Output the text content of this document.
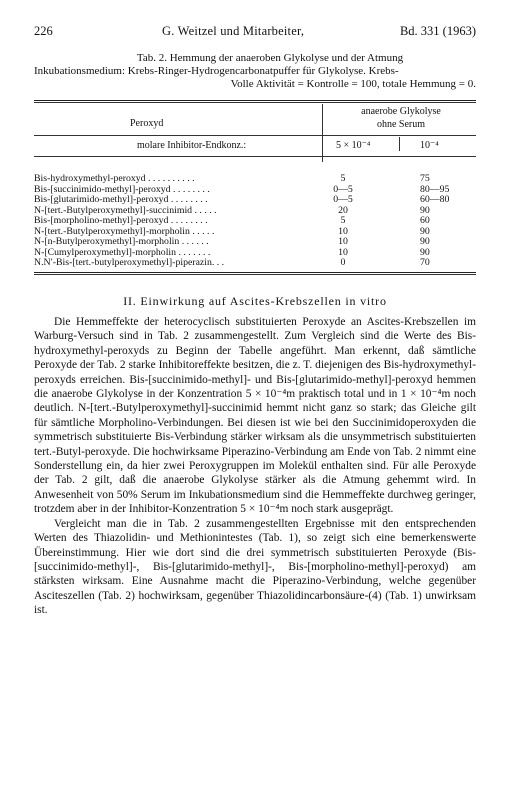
226	G. Weitzel und Mitarbeiter,	Bd. 331 (1963)
Tab. 2. Hemmung der anaeroben Glykolyse und der Atmung
Inkubationsmedium: Krebs-Ringer-Hydrogencarbonatpuffer für Glykolyse. Krebs-
Volle Aktivität = Kontrolle = 100, totale Hemmung = 0.
Peroxyd
anaerobe Glykolyse
ohne Serum
molare Inhibitor-Endkonz.:	5 × 10⁻⁴	10⁻⁴
Bis-hydroxymethyl-peroxyd . . . . . . . . . .	5	75
Bis-[succinimido-methyl]-peroxyd . . . . . . . .	0—5	80—95
Bis-[glutarimido-methyl]-peroxyd . . . . . . . .	0—5	60—80
N-[tert.-Butylperoxymethyl]-succinimid . . . . .	20	90
Bis-[morpholino-methyl]-peroxyd . . . . . . . .	5	60
N-[tert.-Butylperoxymethyl]-morpholin . . . . .	10	90
N-[n-Butylperoxymethyl]-morpholin . . . . . .	10	90
N-[Cumylperoxymethyl]-morpholin . . . . . . .	10	90
N.N′-Bis-[tert.-butylperoxymethyl]-piperazin. . .	0	70
II. Einwirkung auf Ascites-Krebszellen in vitro

Die Hemmeffekte der heterocyclisch substituierten Peroxyde an Ascites-Krebszellen im Warburg-Versuch sind in Tab. 2 zusammengestellt. Zum Vergleich sind die Werte des Bis-hydroxymethyl-peroxyds zu Beginn der Tabelle angeführt. Man erkennt, daß sämtliche Peroxyde der Tab. 2 starke Inhibitoreffekte besitzen, die z. T. diejenigen des Bis-hydroxymethyl-peroxyds erreichen. Bis-[succinimido-methyl]- und Bis-[glutarimido-methyl]-peroxyd hemmen die anaerobe Glykolyse in der Konzentration 5 × 10⁻⁴m praktisch total und in 1 × 10⁻⁴m noch deutlich. N-[tert.-Butylperoxymethyl]-succinimid hemmt nicht ganz so stark; das Gleiche gilt für sämtliche Morpholino-Verbindungen. Bei diesen ist wie bei den Succinimidoperoxyden die symmetrisch substituierte Bis-Verbindung stärker wirksam als die unsymmetrisch substituierten tert.-Butyl-peroxyde. Die hochwirksame Piperazino-Verbindung am Ende von Tab. 2 nimmt eine Sonderstellung ein, da hier zwei Peroxygruppen im Molekül enthalten sind. Für alle Peroxyde der Tab. 2 gilt, daß die anaerobe Glykolyse stärker als die Atmung gehemmt wird. In Anwesenheit von 50% Serum im Inkubationsmedium sind die Hemmeffekte durchweg geringer, trotzdem aber in der Inhibitor-Konzentration 5 × 10⁻⁴m noch stark ausgeprägt.

Vergleicht man die in Tab. 2 zusammengestellten Ergebnisse mit den entsprechenden Werten des Thiazolidin- und Methionintestes (Tab. 1), so zeigt sich eine bemerkenswerte Übereinstimmung. Hier wie dort sind die drei symmetrisch substituierten Peroxyde (Bis-[succinimido-methyl]-, Bis-[glutarimido-methyl]-, Bis-[morpholino-methyl]-peroxyd) am stärksten wirksam. Eine Ausnahme macht die Piperazino-Verbindung, welche gegenüber Asciteszellen (Tab. 2) hochwirksam, gegenüber Thiazolidincarbonsäure-(4) (Tab. 1) unwirksam ist.
